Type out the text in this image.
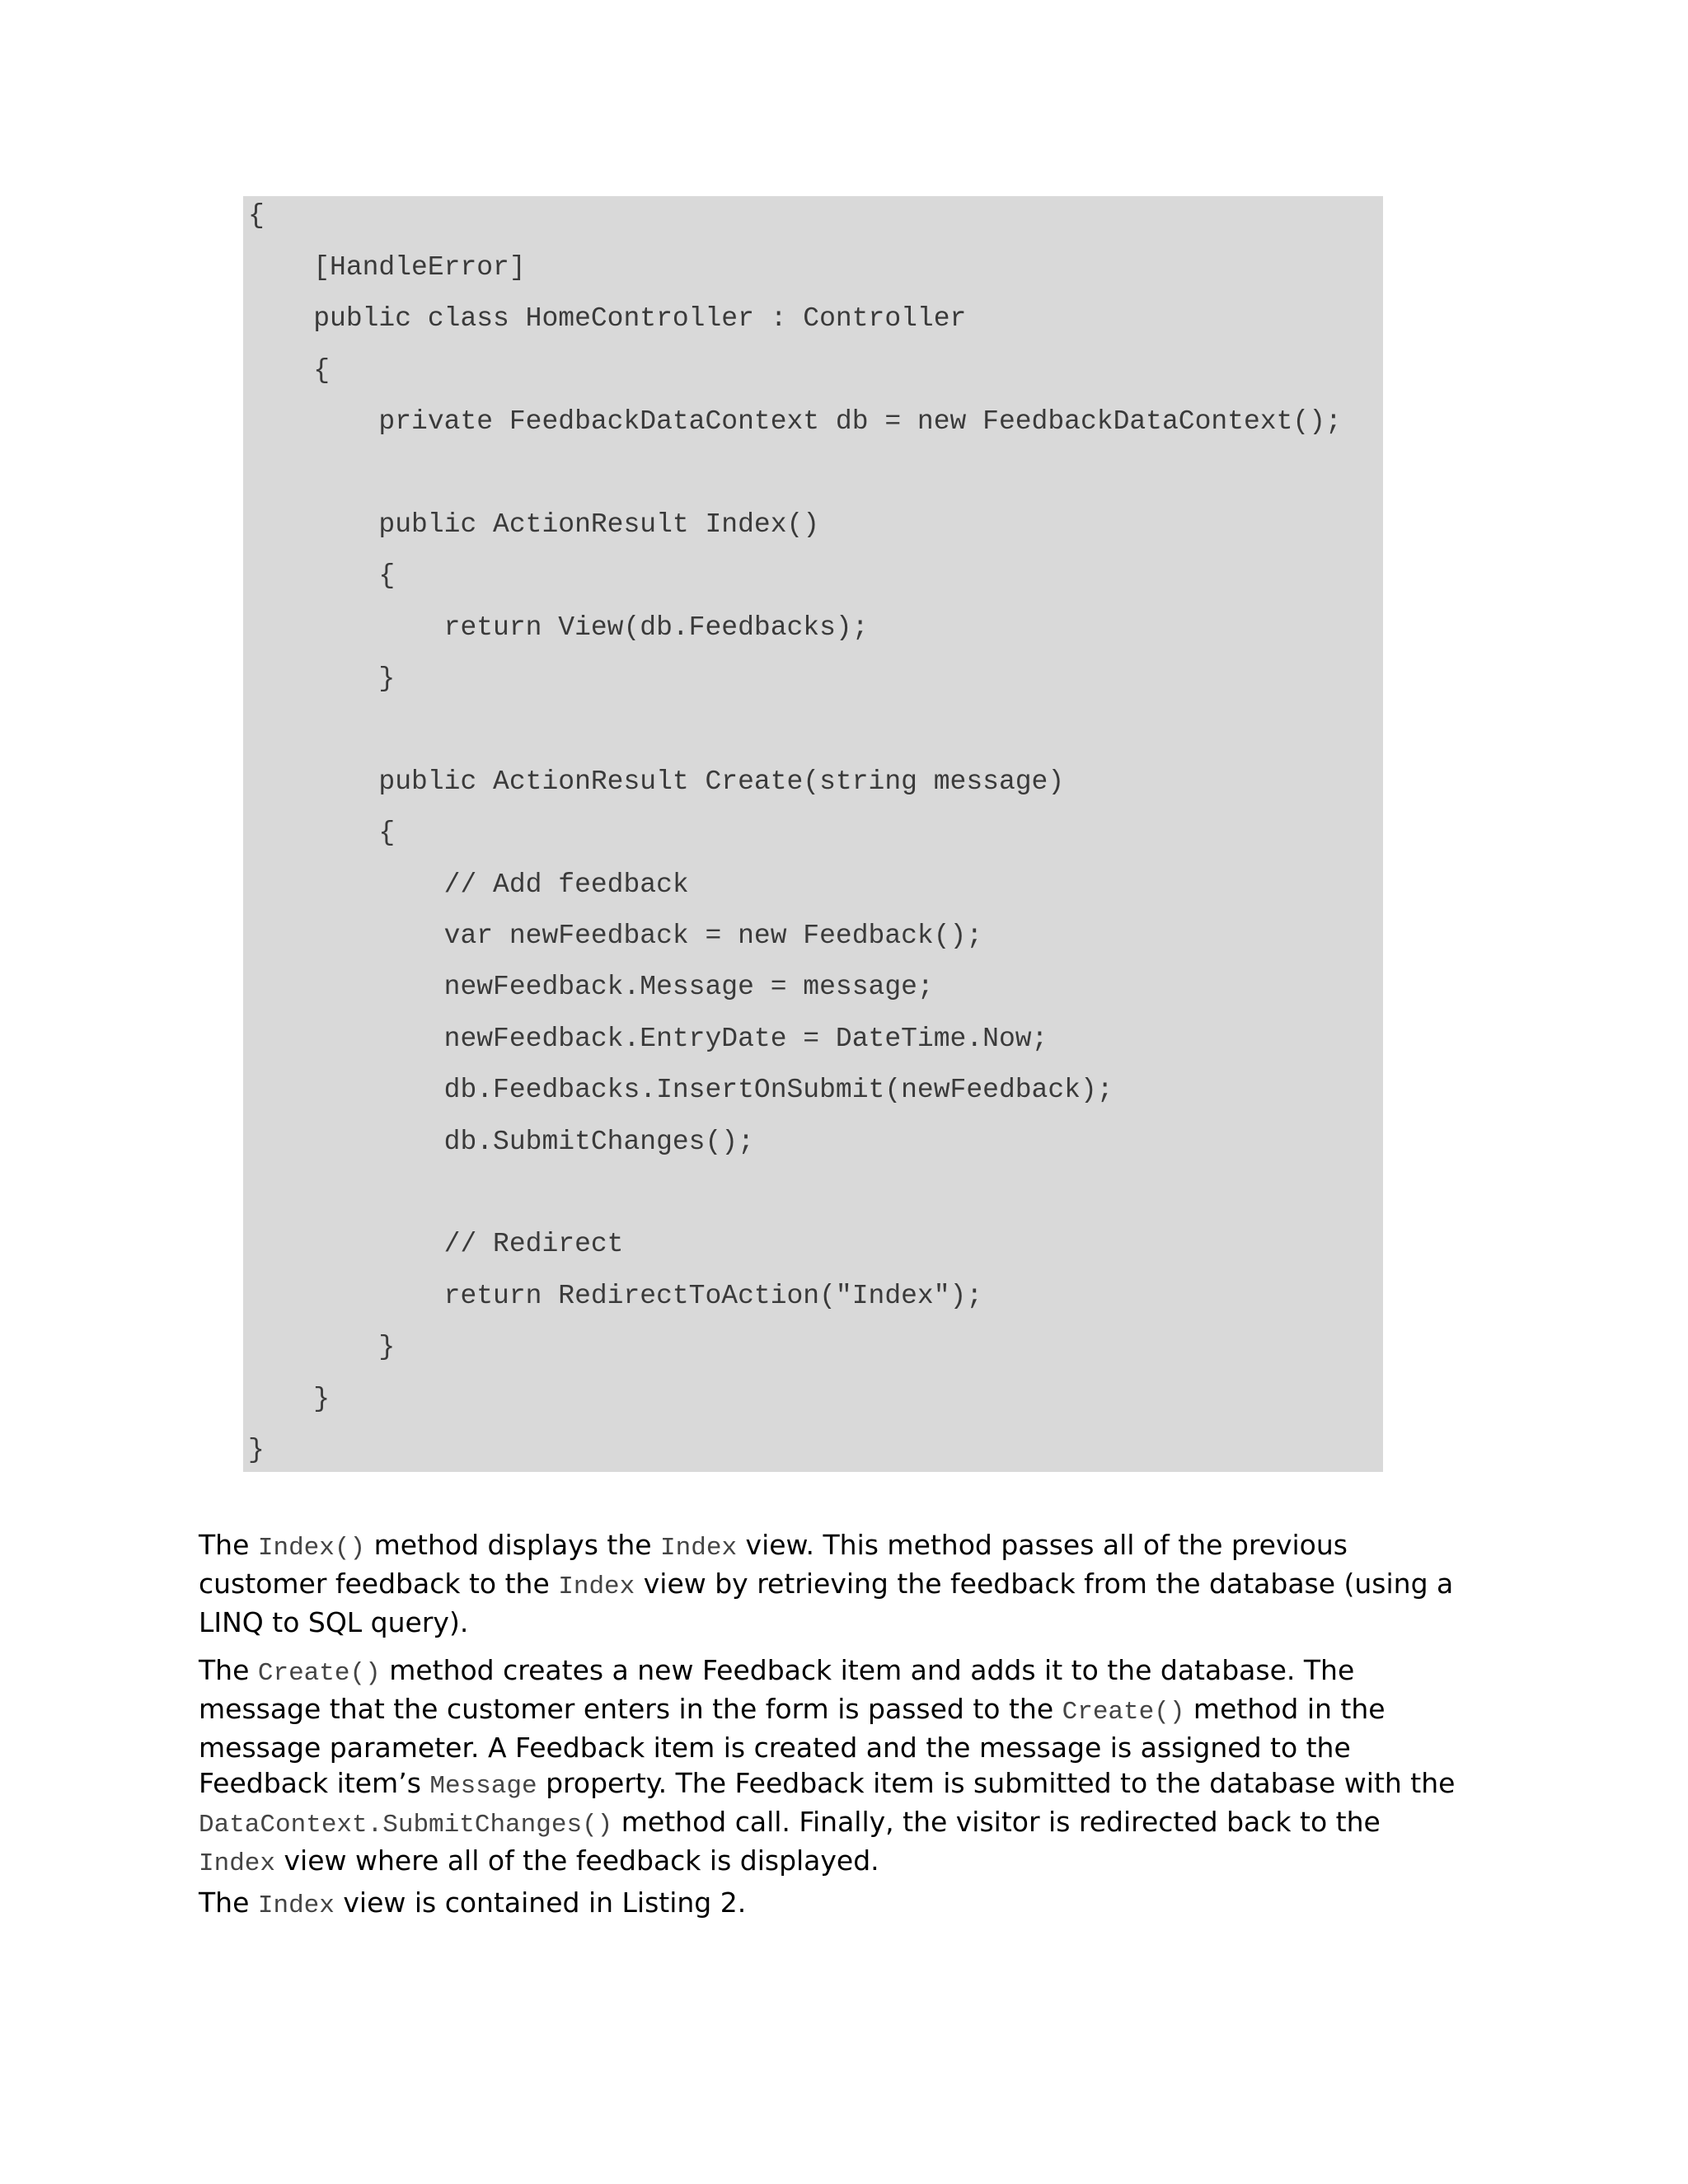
{
[HandleError]
public class HomeController : Controller
{
private FeedbackDataContext db = new FeedbackDataContext();
public ActionResult Index()
{
return View(db.Feedbacks);
}
public ActionResult Create(string message)
{
// Add feedback
var newFeedback = new Feedback();
newFeedback.Message = message;
newFeedback.EntryDate = DateTime.Now;
db.Feedbacks.InsertOnSubmit(newFeedback);
db.SubmitChanges();
// Redirect
return RedirectToAction("Index");
}
}
}

The Index() method displays the Index view. This method passes all of the previous

customer feedback to the Index view by retrieving the feedback from the database (using a

LINQ to SQL query).

The Create() method creates a new Feedback item and adds it to the database. The

message that the customer enters in the form is passed to the Create() method in the

message parameter. A Feedback item is created and the message is assigned to the

Feedback item’s Message property. The Feedback item is submitted to the database with the

DataContext.SubmitChanges() method call. Finally, the visitor is redirected back to the

Index view where all of the feedback is displayed.

The Index view is contained in Listing 2.
